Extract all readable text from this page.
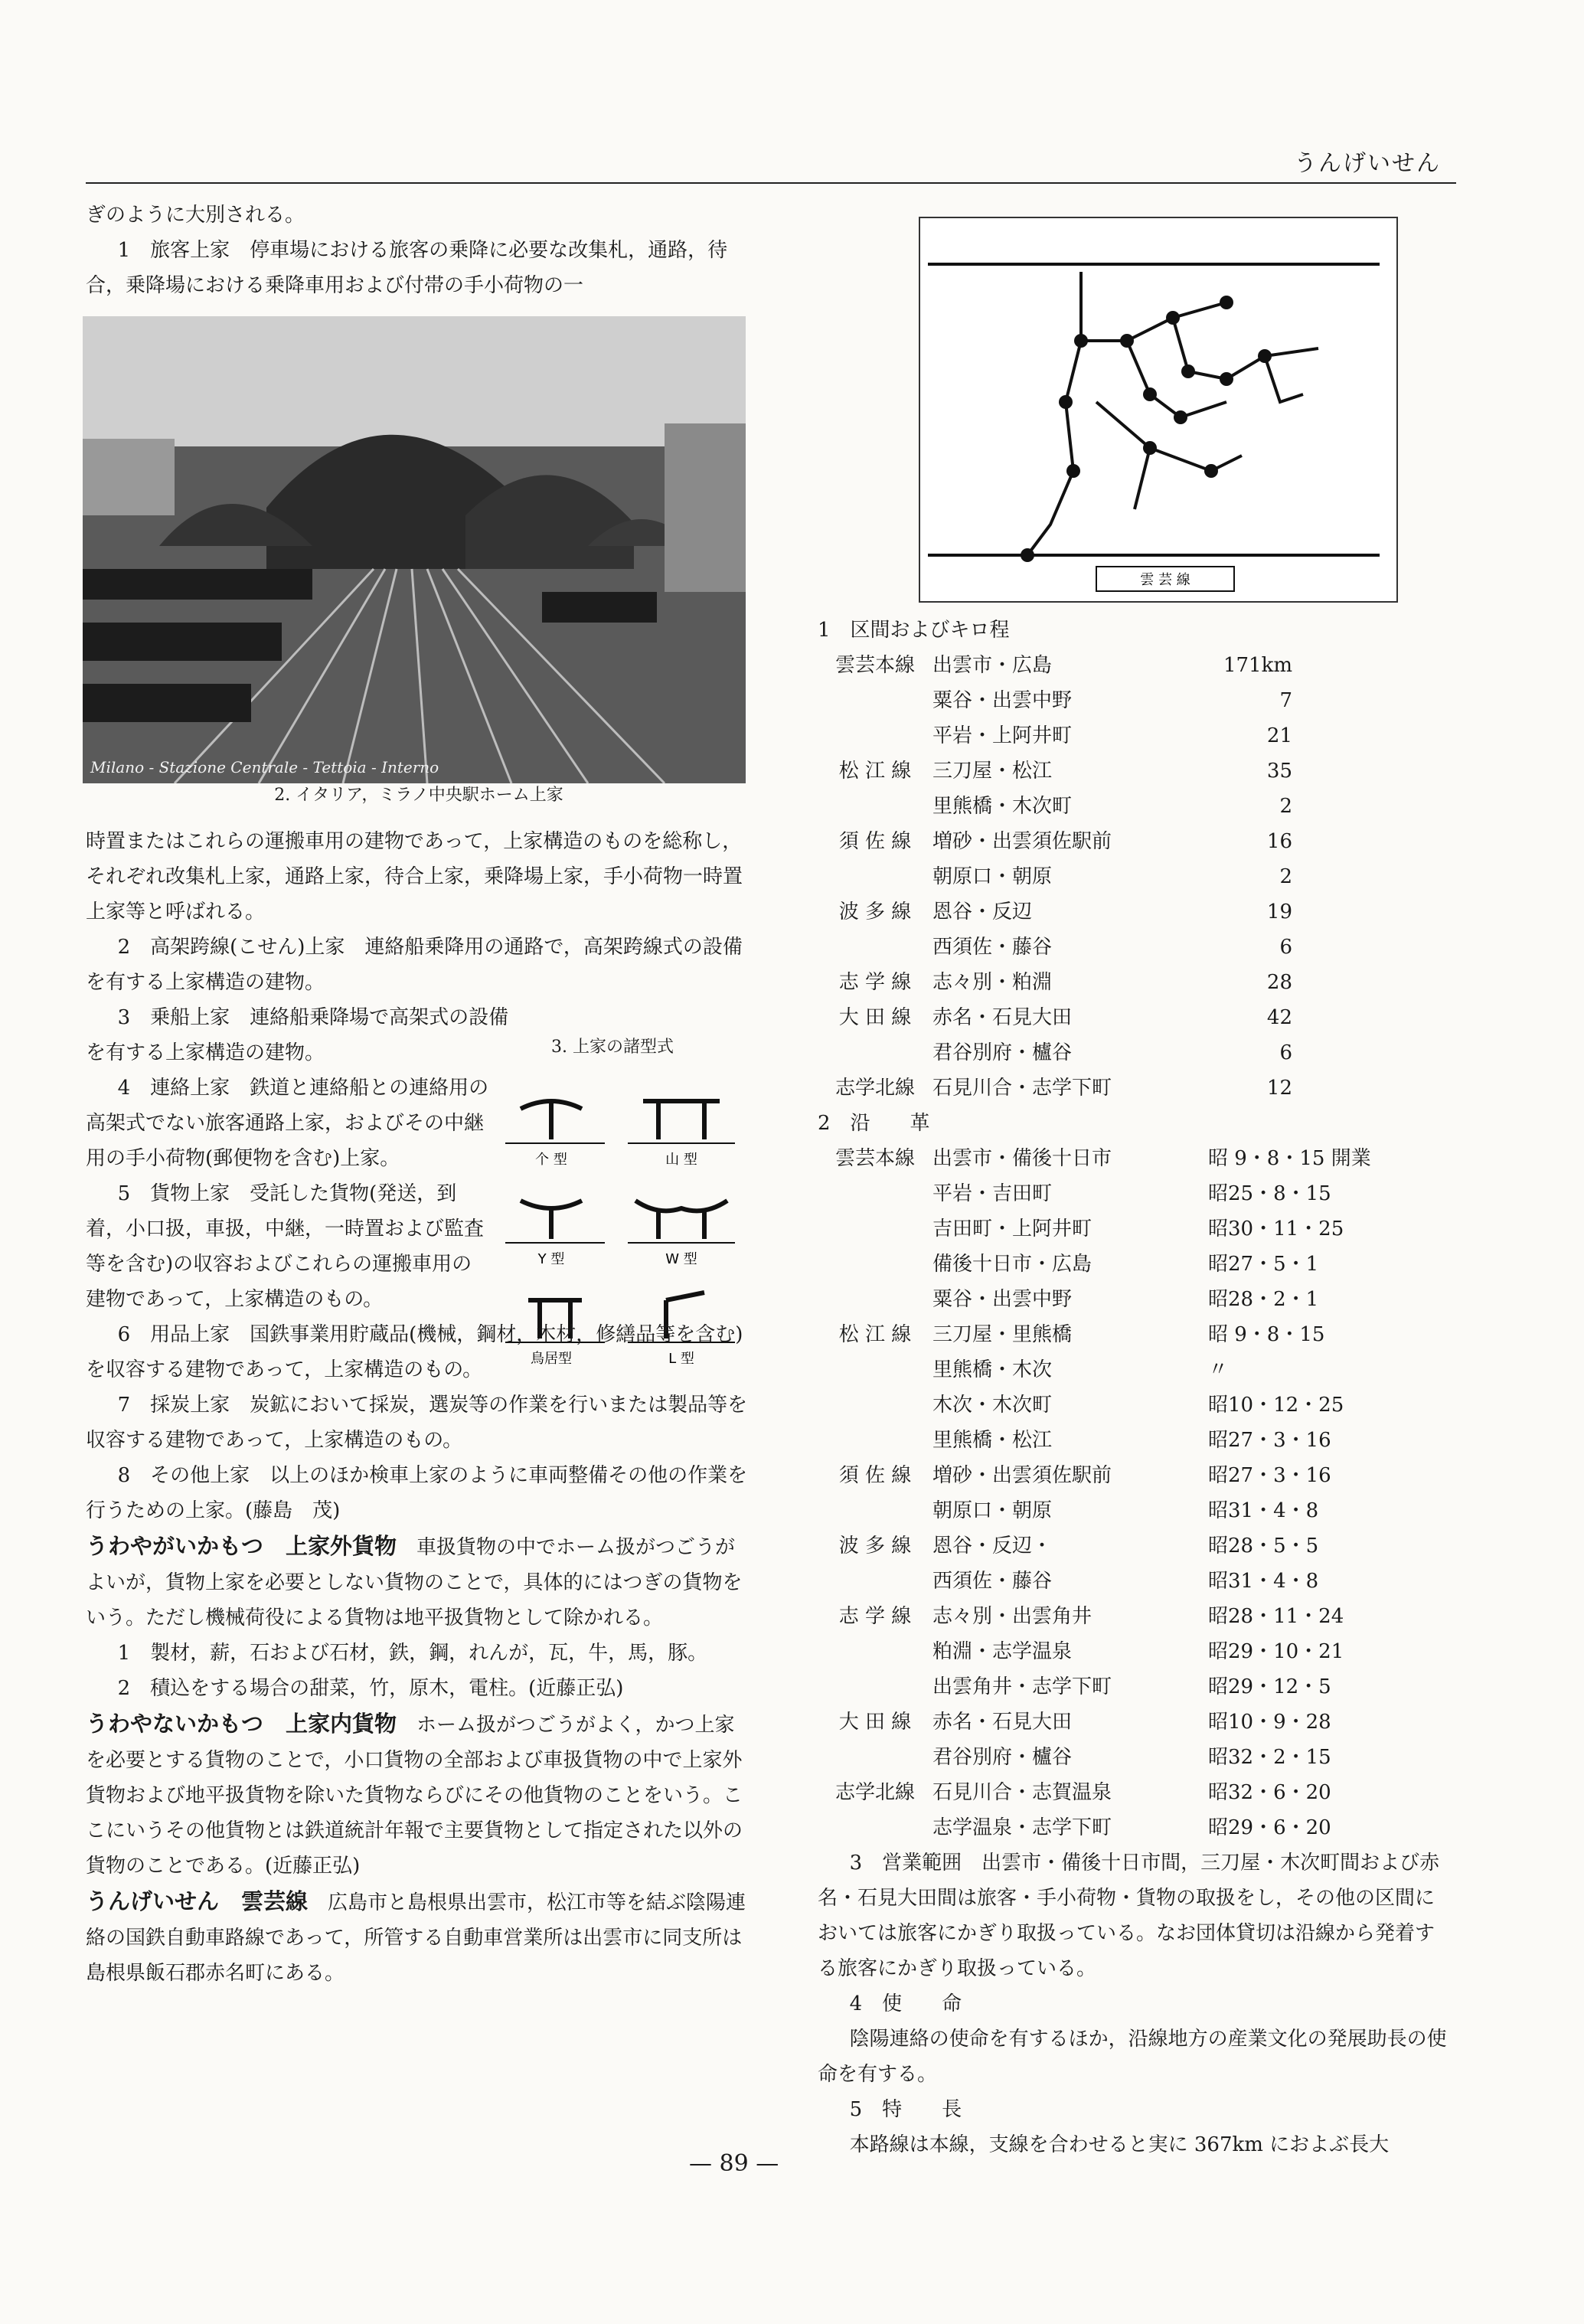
うんげいせん
Milano - Stazione Centrale - Tettoia - Interno
雲 芸 線
3. 上家の諸型式
个 型	山 型
Y 型	W 型
鳥居型	L 型

ぎのように大別される。

1　旅客上家　停車場における旅客の乗降に必要な改集札，通路，待合，乗降場における乗降車用および付帯の手小荷物の一

2. イタリア，ミラノ中央駅ホーム上家

時置またはこれらの運搬車用の建物であって，上家構造のものを総称し，それぞれ改集札上家，通路上家，待合上家，乗降場上家，手小荷物一時置上家等と呼ばれる。

2　高架跨線(こせん)上家　連絡船乗降用の通路で，高架跨線式の設備を有する上家構造の建物。

3　乗船上家　連絡船乗降場で高架式の設備を有する上家構造の建物。

4　連絡上家　鉄道と連絡船との連絡用の高架式でない旅客通路上家，およびその中継用の手小荷物(郵便物を含む)上家。

5　貨物上家　受託した貨物(発送，到着，小口扱，車扱，中継，一時置および監査等を含む)の収容およびこれらの運搬車用の建物であって，上家構造のもの。

6　用品上家　国鉄事業用貯蔵品(機械，鋼材，木材，修繕品等を含む)を収容する建物であって，上家構造のもの。

7　採炭上家　炭鉱において採炭，選炭等の作業を行いまたは製品等を収容する建物であって，上家構造のもの。

8　その他上家　以上のほか検車上家のように車両整備その他の作業を行うための上家。(藤島　茂)

うわやがいかもつ　上家外貨物　車扱貨物の中でホーム扱がつごうがよいが，貨物上家を必要としない貨物のことで，具体的にはつぎの貨物をいう。ただし機械荷役による貨物は地平扱貨物として除かれる。

1　製材，薪，石および石材，鉄，鋼，れんが，瓦，牛，馬，豚。

2　積込をする場合の甜菜，竹，原木，電柱。(近藤正弘)

うわやないかもつ　上家内貨物　ホーム扱がつごうがよく，かつ上家を必要とする貨物のことで，小口貨物の全部および車扱貨物の中で上家外貨物および地平扱貨物を除いた貨物ならびにその他貨物のことをいう。ここにいうその他貨物とは鉄道統計年報で主要貨物として指定された以外の貨物のことである。(近藤正弘)

うんげいせん　雲芸線　広島市と島根県出雲市，松江市等を結ぶ陰陽連絡の国鉄自動車路線であって，所管する自動車営業所は出雲市に同支所は島根県飯石郡赤名町にある。

1　区間およびキロ程

雲芸本線 出雲市・広島	171km
粟谷・出雲中野	7
平岩・上阿井町	21
松 江 線	三刀屋・松江	35
里熊橋・木次町	2
須 佐 線	増砂・出雲須佐駅前	16
朝原口・朝原	2
波 多 線	恩谷・反辺	19
西須佐・藤谷	6
志 学 線	志々別・粕淵	28
大 田 線	赤名・石見大田	42
君谷別府・櫨谷	6
志学北線 石見川合・志学下町	12

2　沿　　革

雲芸本線 出雲市・備後十日市	昭 9・8・15 開業
平岩・吉田町	昭25・8・15
吉田町・上阿井町	昭30・11・25
備後十日市・広島	昭27・5・1
粟谷・出雲中野	昭28・2・1
松 江 線	三刀屋・里熊橋	昭 9・8・15
里熊橋・木次	〃
木次・木次町	昭10・12・25
里熊橋・松江	昭27・3・16
須 佐 線	増砂・出雲須佐駅前	昭27・3・16
朝原口・朝原	昭31・4・8
波 多 線	恩谷・反辺・	昭28・5・5
西須佐・藤谷	昭31・4・8
志 学 線	志々別・出雲角井	昭28・11・24
粕淵・志学温泉	昭29・10・21
出雲角井・志学下町	昭29・12・5
大 田 線	赤名・石見大田	昭10・9・28
君谷別府・櫨谷	昭32・2・15
志学北線 石見川合・志賀温泉	昭32・6・20
志学温泉・志学下町	昭29・6・20

3　営業範囲　出雲市・備後十日市間，三刀屋・木次町間および赤名・石見大田間は旅客・手小荷物・貨物の取扱をし，その他の区間においては旅客にかぎり取扱っている。なお団体貸切は沿線から発着する旅客にかぎり取扱っている。

4　使　　命

陰陽連絡の使命を有するほか，沿線地方の産業文化の発展助長の使命を有する。

5　特　　長

本路線は本線，支線を合わせると実に 367km におよぶ長大

— 89 —
